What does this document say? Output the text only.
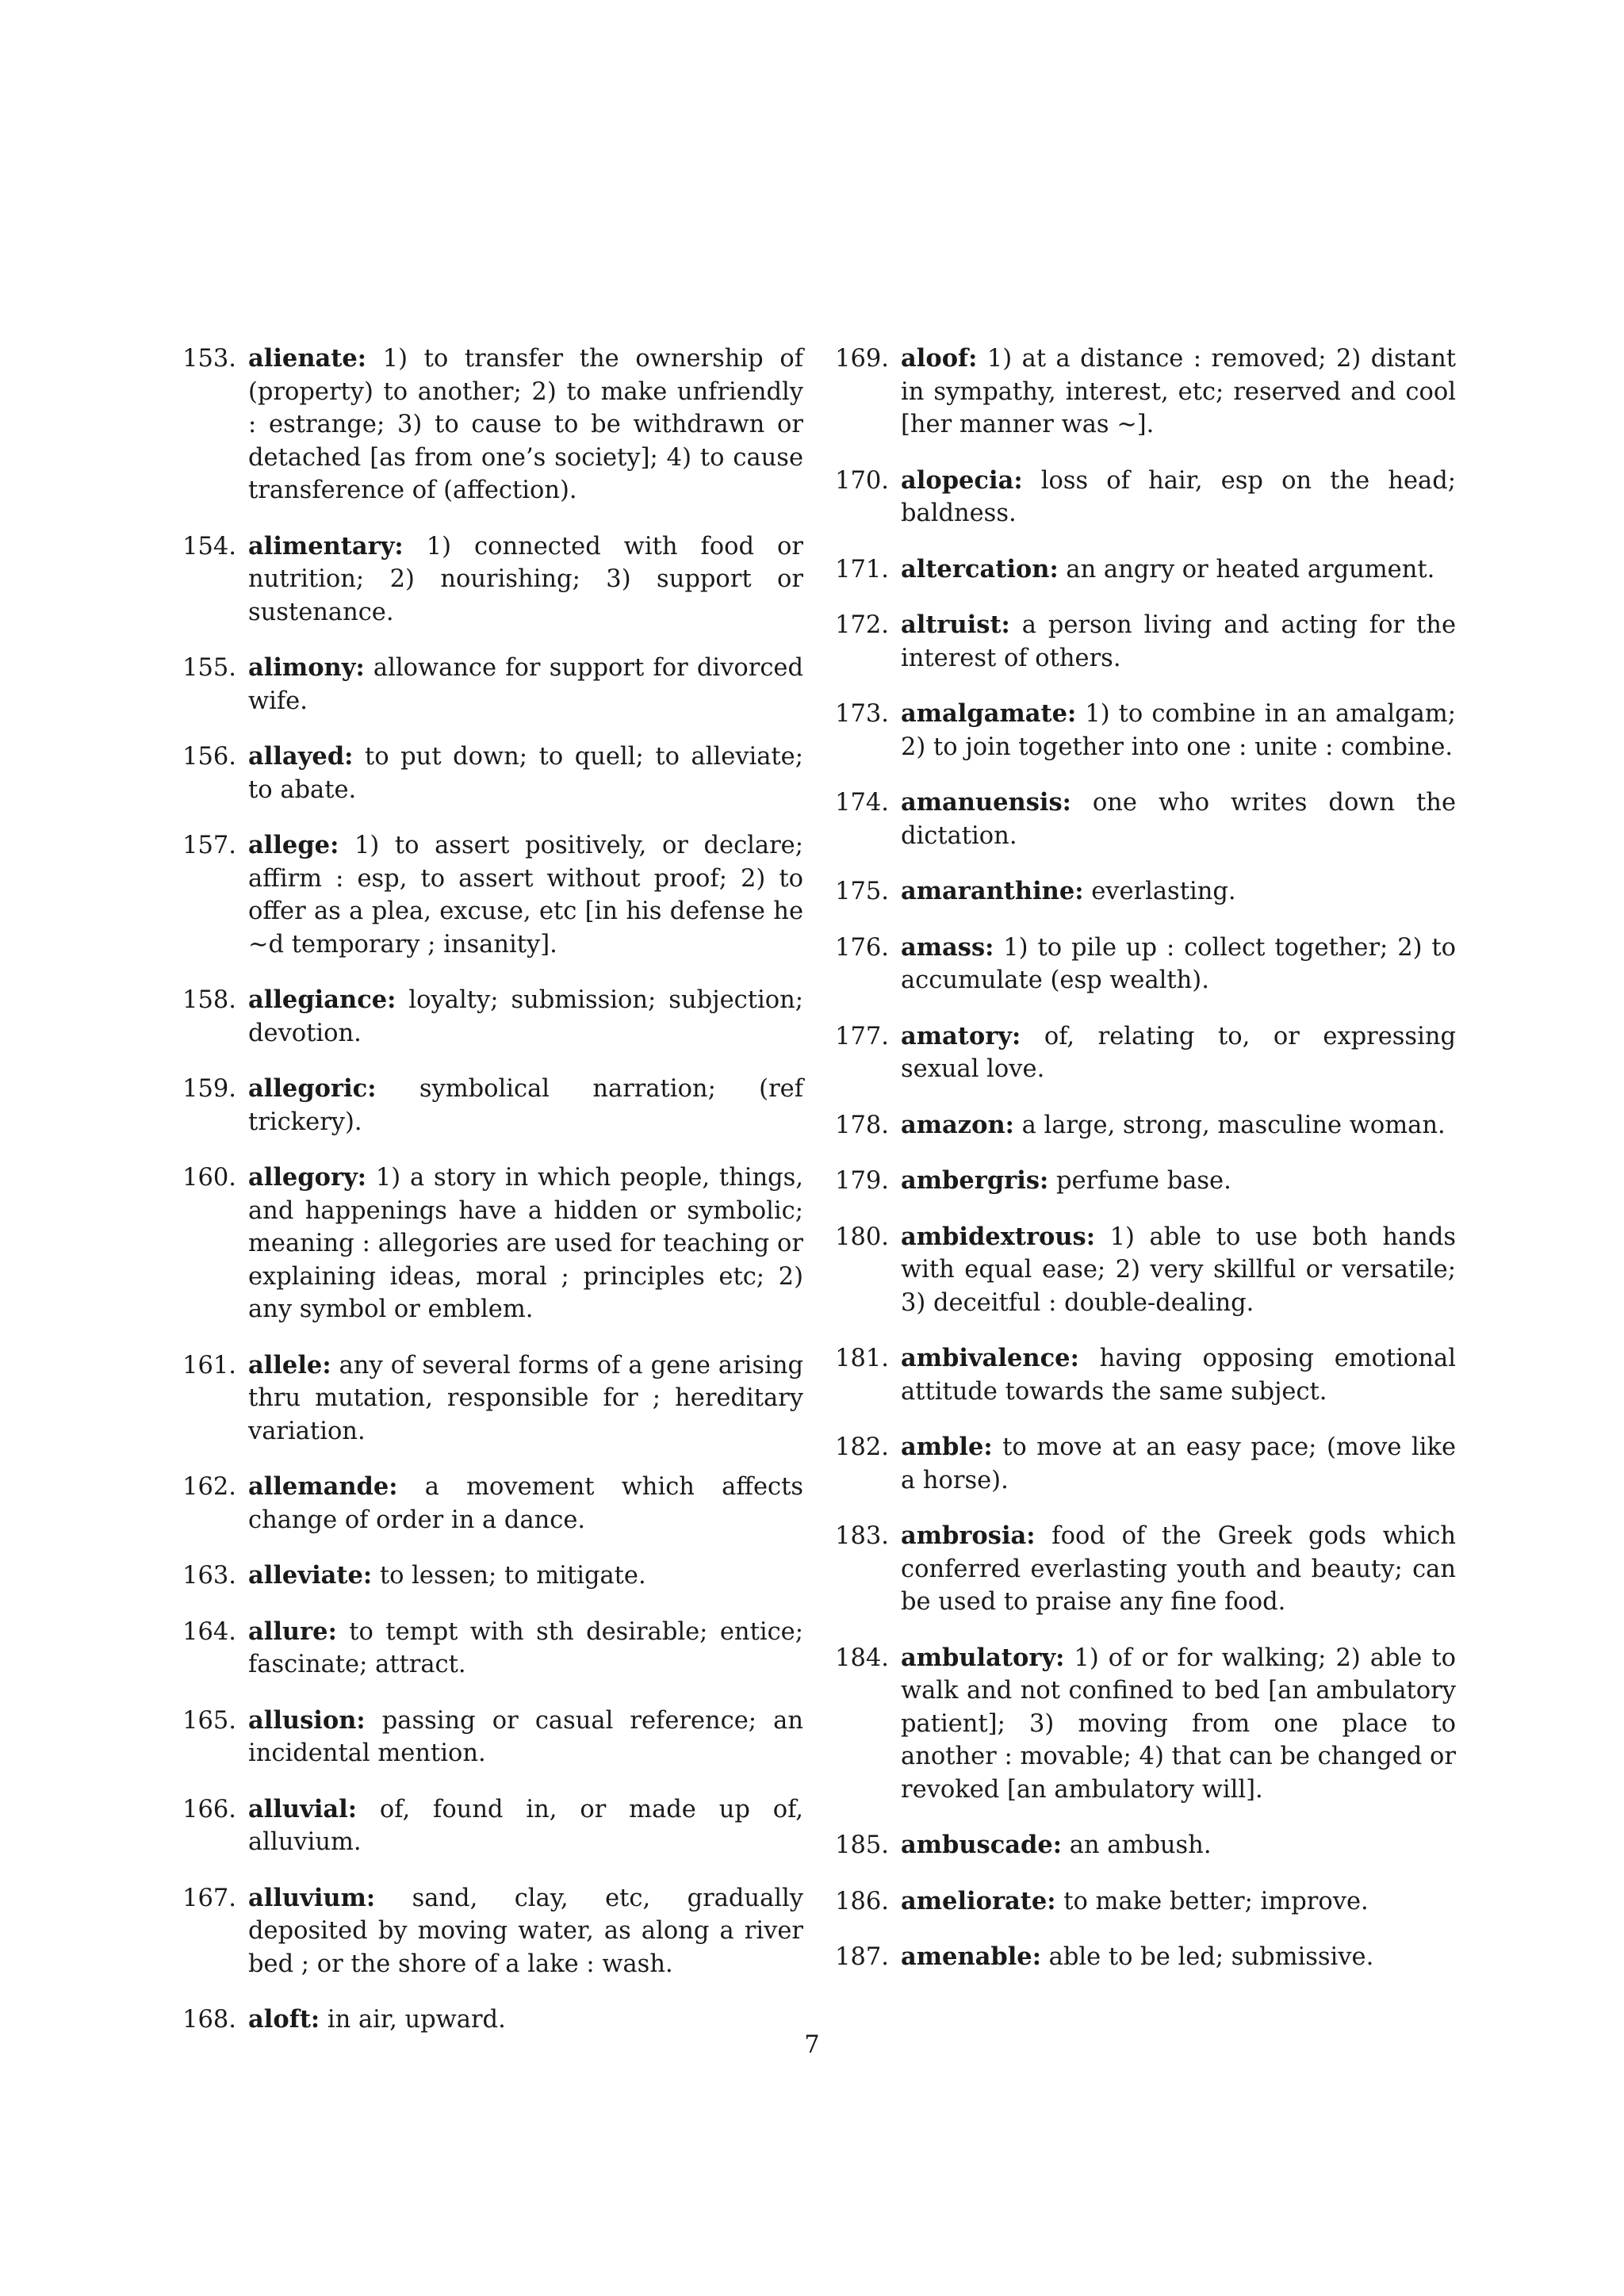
153. alienate: 1) to transfer the ownership of (property) to another; 2) to make unfriendly : estrange; 3) to cause to be withdrawn or detached [as from one’s society]; 4) to cause transference of (affection).
154. alimentary: 1) connected with food or nutrition; 2) nourishing; 3) support or sustenance.
155. alimony: allowance for support for divorced wife.
156. allayed: to put down; to quell; to alleviate; to abate.
157. allege: 1) to assert positively, or declare; affirm : esp, to assert without proof; 2) to offer as a plea, excuse, etc [in his defense he ∼d temporary ; insanity].
158. allegiance: loyalty; submission; subjection; devotion.
159. allegoric: symbolical narration; (ref trickery).
160. allegory: 1) a story in which people, things, and happenings have a hidden or symbolic; meaning : allegories are used for teaching or explaining ideas, moral ; principles etc; 2) any symbol or emblem.
161. allele: any of several forms of a gene arising thru mutation, responsible for ; hereditary variation.
162. allemande: a movement which affects change of order in a dance.
163. alleviate: to lessen; to mitigate.
164. allure: to tempt with sth desirable; entice; fascinate; attract.
165. allusion: passing or casual reference; an incidental mention.
166. alluvial: of, found in, or made up of, alluvium.
167. alluvium: sand, clay, etc, gradually deposited by moving water, as along a river bed ; or the shore of a lake : wash.
168. aloft: in air, upward.
169. aloof: 1) at a distance : removed; 2) distant in sympathy, interest, etc; reserved and cool [her manner was ∼].
170. alopecia: loss of hair, esp on the head; baldness.
171. altercation: an angry or heated argument.
172. altruist: a person living and acting for the interest of others.
173. amalgamate: 1) to combine in an amalgam; 2) to join together into one : unite : combine.
174. amanuensis: one who writes down the dictation.
175. amaranthine: everlasting.
176. amass: 1) to pile up : collect together; 2) to accumulate (esp wealth).
177. amatory: of, relating to, or expressing sexual love.
178. amazon: a large, strong, masculine woman.
179. ambergris: perfume base.
180. ambidextrous: 1) able to use both hands with equal ease; 2) very skillful or versatile; 3) deceitful : double-dealing.
181. ambivalence: having opposing emotional attitude towards the same subject.
182. amble: to move at an easy pace; (move like a horse).
183. ambrosia: food of the Greek gods which conferred everlasting youth and beauty; can be used to praise any fine food.
184. ambulatory: 1) of or for walking; 2) able to walk and not confined to bed [an ambulatory patient]; 3) moving from one place to another : movable; 4) that can be changed or revoked [an ambulatory will].
185. ambuscade: an ambush.
186. ameliorate: to make better; improve.
187. amenable: able to be led; submissive.
7
